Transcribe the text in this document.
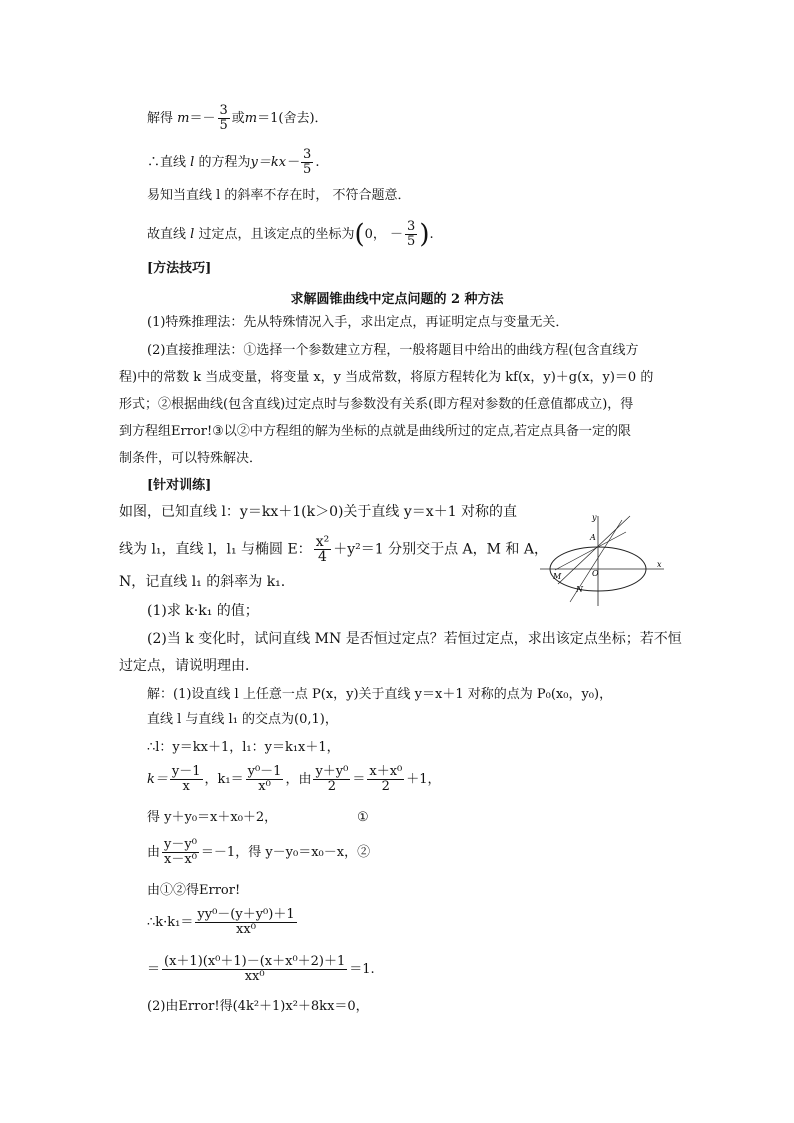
解得 $m=- \frac{3}{5}$ 或m＝1(舍去)．
∴直线 l 的方程为$y=kx- \frac{3}{5}$ .
易知当直线 l 的斜率不存在时， 不符合题意．
故直线 l 过定点，且该定点的坐标为(0， － $\frac{3}{5}$ ).
[方法技巧]
求解圆锥曲线中定点问题的 2 种方法
(1)特殊推理法：先从特殊情况入手，求出定点，再证明定点与变量无关．
(2)直接推理法：①选择一个参数建立方程，一般将题目中给出的曲线方程(包含直线方
程)中的常数 k 当成变量，将变量 x，y 当成常数，将原方程转化为 kf(x，y)＋g(x，y)＝0 的
形式；②根据曲线(包含直线)过定点时与参数没有关系(即方程对参数的任意值都成立)，得
到方程组Error!③以②中方程组的解为坐标的点就是曲线所过的定点,若定点具备一定的限
制条件，可以特殊解决．
[针对训练]
如图，已知直线 l：y＝kx＋1(k＞0)关于直线 y＝x＋1 对称的直
线为 l₁，直线 l，l₁ 与椭圆 E： $\frac{\text{x²}}{4} +y^2=1$ 分别交于点 A，M 和 A，
N，记直线 l₁ 的斜率为 k₁.
y
x
A
O
M
N
(1)求 k·k₁ 的值；
(2)当 k 变化时，试问直线 MN 是否恒过定点？若恒过定点，求出该定点坐标；若不恒
过定点，请说明理由．
解：(1)设直线 l 上任意一点 P(x，y)关于直线 y＝x＋1 对称的点为 P₀(x₀，y₀)，
直线 l 与直线 l₁ 的交点为(0,1)，
∴l：y＝kx＋1，l₁：y＝k₁x＋1，
$k= \frac{y-1}{x}$ ，$k_1= \frac{\text{y⁰－1}}{\text{x⁰}}$ ，由 $\frac{\text{y＋y⁰}}{2} = \frac{\text{x＋x⁰}}{2} +1$，
得 y＋y₀＝x＋x₀＋2，	①
由 $\frac{\text{y－y⁰}}{\text{x－x⁰}} =-1$，得 y－y₀＝x₀－x，②
由①②得Error!
∴k·k₁＝ $\frac{\text{yy⁰－(y＋y⁰)＋1}}{\text{xx⁰}}$
＝ $\frac{\text{(x＋1)(x⁰＋1)－(x＋x⁰＋2)＋1}}{\text{xx⁰}} =1$.
(2)由Error!得(4k²＋1)x²＋8kx＝0，
